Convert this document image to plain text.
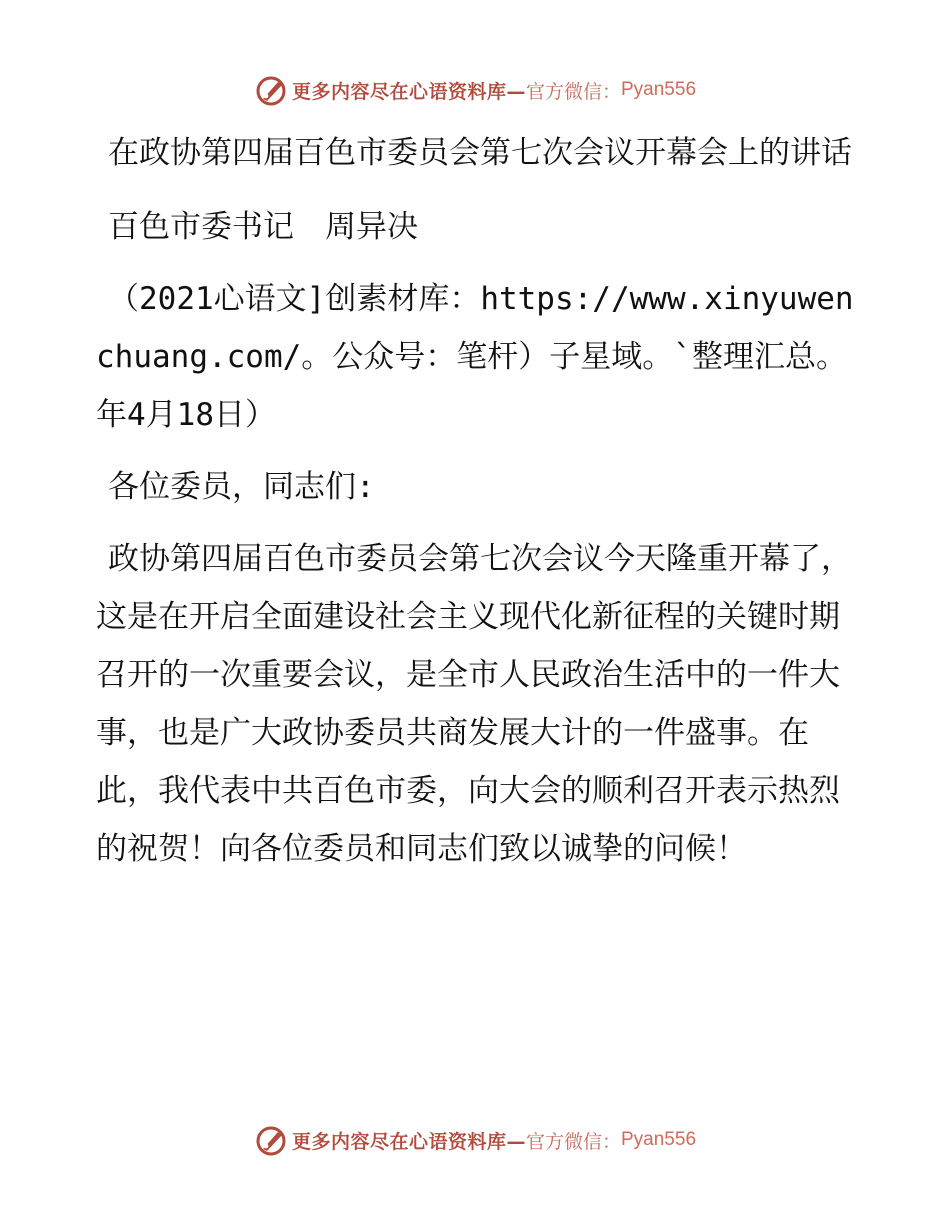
更多内容尽在心语资料库— 官方微信： Pyan556

在政协第四届百色市委员会第七次会议开幕会上的讲话

百色市委书记　周异决

（2021心语文]创素材库：https://www.xinyuwenchuang.com/。公众号：笔杆）子星域。`整理汇总。年4月18日）

各位委员，同志们:

政协第四届百色市委员会第七次会议今天隆重开幕了，这是在开启全面建设社会主义现代化新征程的关键时期召开的一次重要会议，是全市人民政治生活中的一件大事，也是广大政协委员共商发展大计的一件盛事。在此，我代表中共百色市委，向大会的顺利召开表示热烈的祝贺！向各位委员和同志们致以诚挚的问候！

更多内容尽在心语资料库— 官方微信： Pyan556
